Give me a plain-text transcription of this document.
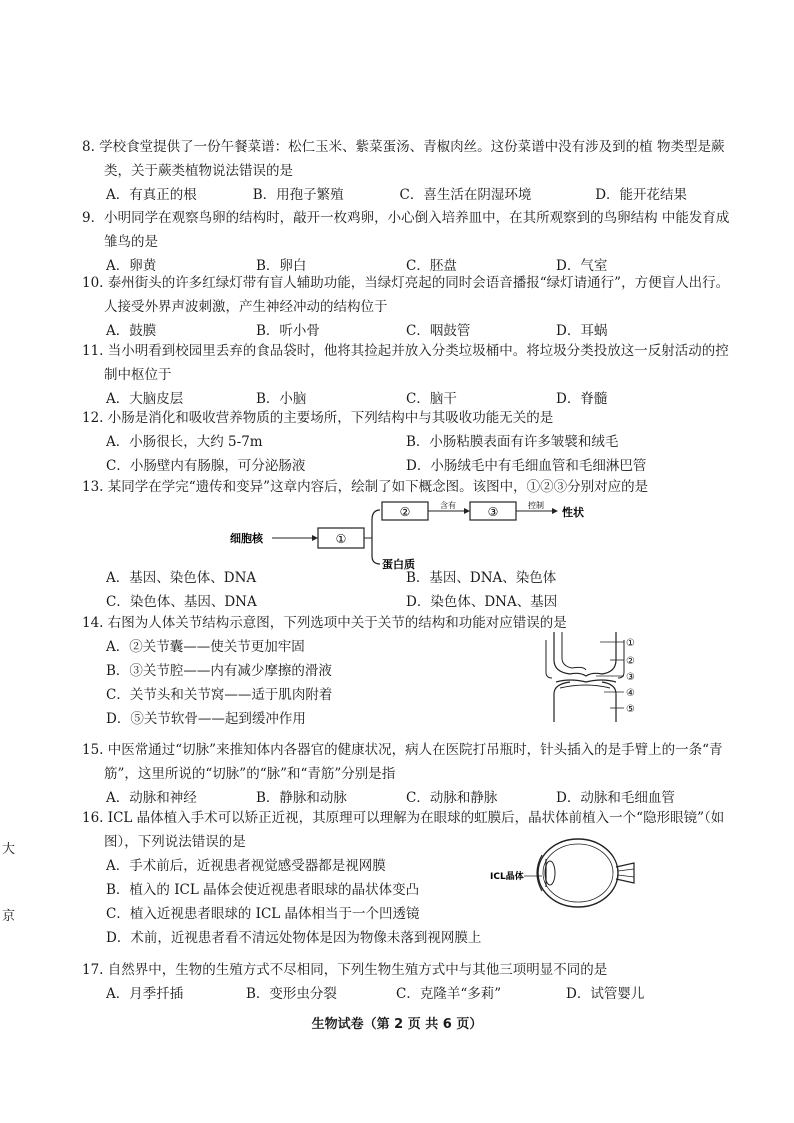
8. 学校食堂提供了一份午餐菜谱：松仁玉米、紫菜蛋汤、青椒肉丝。这份菜谱中没有涉及到的植 物类型是蕨类，关于蕨类植物说法错误的是

A．有真正的根	B．用孢子繁殖	C．喜生活在阴湿环境	D．能开花结果

9．小明同学在观察鸟卵的结构时，敲开一枚鸡卵，小心倒入培养皿中，在其所观察到的鸟卵结构 中能发育成雏鸟的是

A．卵黄	B．卵白	C．胚盘	D．气室

10. 泰州街头的许多红绿灯带有盲人辅助功能，当绿灯亮起的同时会语音播报“绿灯请通行”，方便盲人出行。人接受外界声波刺激，产生神经冲动的结构位于

A．鼓膜	B．听小骨	C．咽鼓管	D．耳蜗

11. 当小明看到校园里丢弃的食品袋时，他将其捡起并放入分类垃圾桶中。将垃圾分类投放这一反射活动的控制中枢位于

A．大脑皮层	B．小脑	C．脑干	D．脊髓

12. 小肠是消化和吸收营养物质的主要场所，下列结构中与其吸收功能无关的是

A．小肠很长，大约 5-7m	B．小肠粘膜表面有许多皱襞和绒毛
C．小肠壁内有肠腺，可分泌肠液	D．小肠绒毛中有毛细血管和毛细淋巴管

13. 某同学在学完“遗传和变异”这章内容后，绘制了如下概念图。该图中，①②③分别对应的是

细胞核	①
②	含有	③	控制
性状
蛋白质
A．基因、染色体、DNA	B．基因、DNA、染色体
C．染色体、基因、DNA	D．染色体、DNA、基因

14. 右图为人体关节结构示意图，下列选项中关于关节的结构和功能对应错误的是

A．②关节囊——使关节更加牢固
B．③关节腔——内有减少摩擦的滑液
C．关节头和关节窝——适于肌肉附着
D．⑤关节软骨——起到缓冲作用
①
②
③
④
⑤

15. 中医常通过“切脉”来推知体内各器官的健康状况，病人在医院打吊瓶时，针头插入的是手臂上的一条“青筋”，这里所说的“切脉”的“脉”和“青筋”分别是指

A．动脉和神经	B．静脉和动脉	C．动脉和静脉	D．动脉和毛细血管

16. ICL 晶体植入手术可以矫正近视，其原理可以理解为在眼球的虹膜后，晶状体前植入一个“隐形眼镜”（如图），下列说法错误的是

A．手术前后，近视患者视觉感受器都是视网膜
B．植入的 ICL 晶体会使近视患者眼球的晶状体变凸
C．植入近视患者眼球的 ICL 晶体相当于一个凹透镜
D．术前，近视患者看不清远处物体是因为物像未落到视网膜上
ICL晶体

17. 自然界中，生物的生殖方式不尽相同，下列生物生殖方式中与其他三项明显不同的是

A．月季扦插	B．变形虫分裂	C．克隆羊“多莉”	D．试管婴儿
大
京
生物试卷（第 2 页 共 6 页）
